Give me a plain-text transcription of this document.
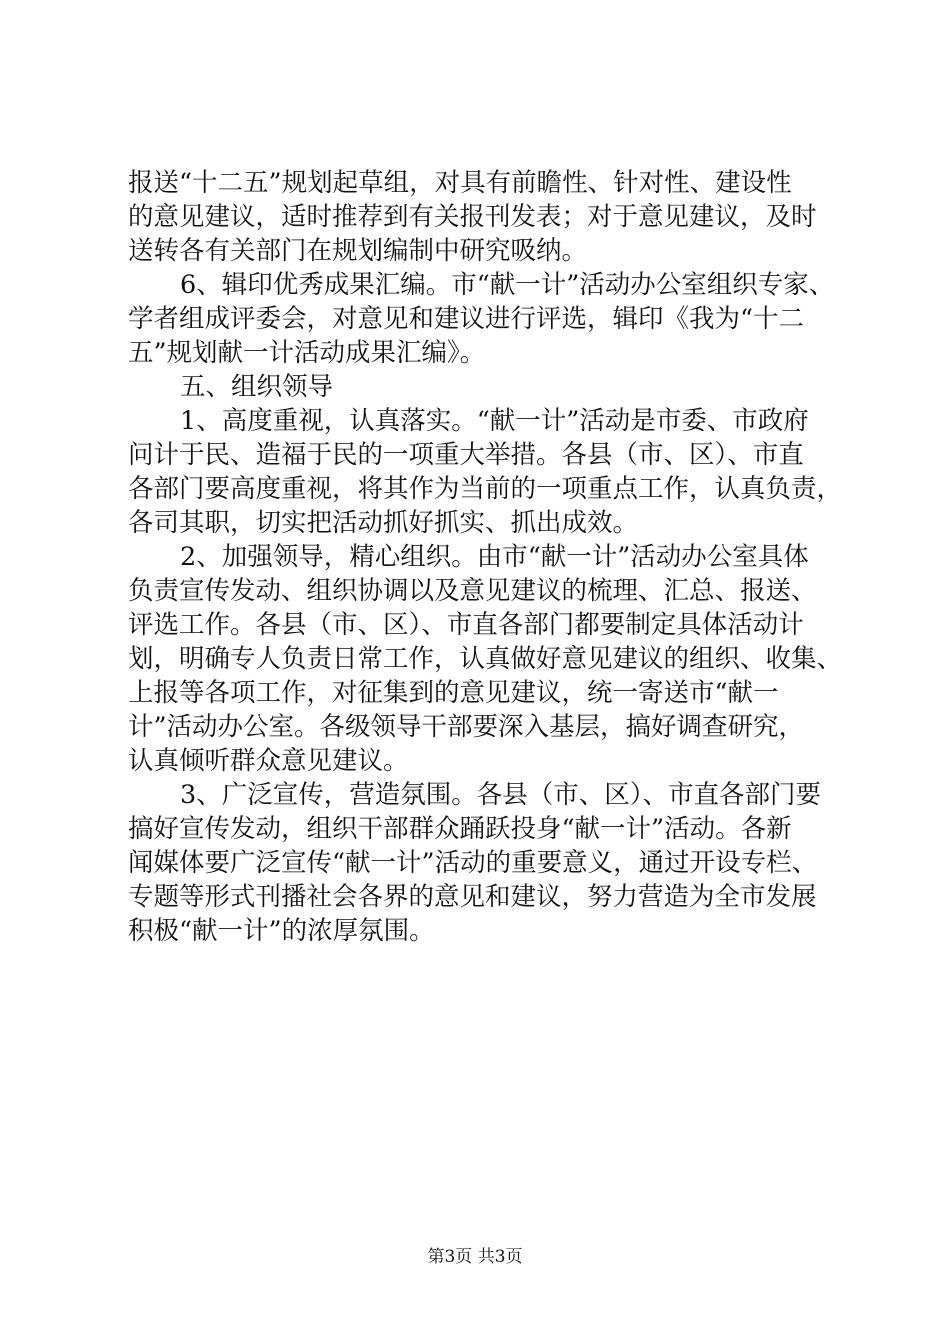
报送“十二五”规划起草组，对具有前瞻性、针对性、建设性
的意见建议，适时推荐到有关报刊发表；对于意见建议，及时
送转各有关部门在规划编制中研究吸纳。
6、辑印优秀成果汇编。市“献一计”活动办公室组织专家、
学者组成评委会，对意见和建议进行评选，辑印《我为“十二
五”规划献一计活动成果汇编》。
五、组织领导
1、高度重视，认真落实。“献一计”活动是市委、市政府
问计于民、造福于民的一项重大举措。各县（市、区）、市直
各部门要高度重视，将其作为当前的一项重点工作，认真负责，
各司其职，切实把活动抓好抓实、抓出成效。
2、加强领导，精心组织。由市“献一计”活动办公室具体
负责宣传发动、组织协调以及意见建议的梳理、汇总、报送、
评选工作。各县（市、区）、市直各部门都要制定具体活动计
划，明确专人负责日常工作，认真做好意见建议的组织、收集、
上报等各项工作，对征集到的意见建议，统一寄送市“献一
计”活动办公室。各级领导干部要深入基层，搞好调查研究，
认真倾听群众意见建议。
3、广泛宣传，营造氛围。各县（市、区）、市直各部门要
搞好宣传发动，组织干部群众踊跃投身“献一计”活动。各新
闻媒体要广泛宣传“献一计”活动的重要意义，通过开设专栏、
专题等形式刊播社会各界的意见和建议，努力营造为全市发展
积极“献一计”的浓厚氛围。
第3页 共3页
